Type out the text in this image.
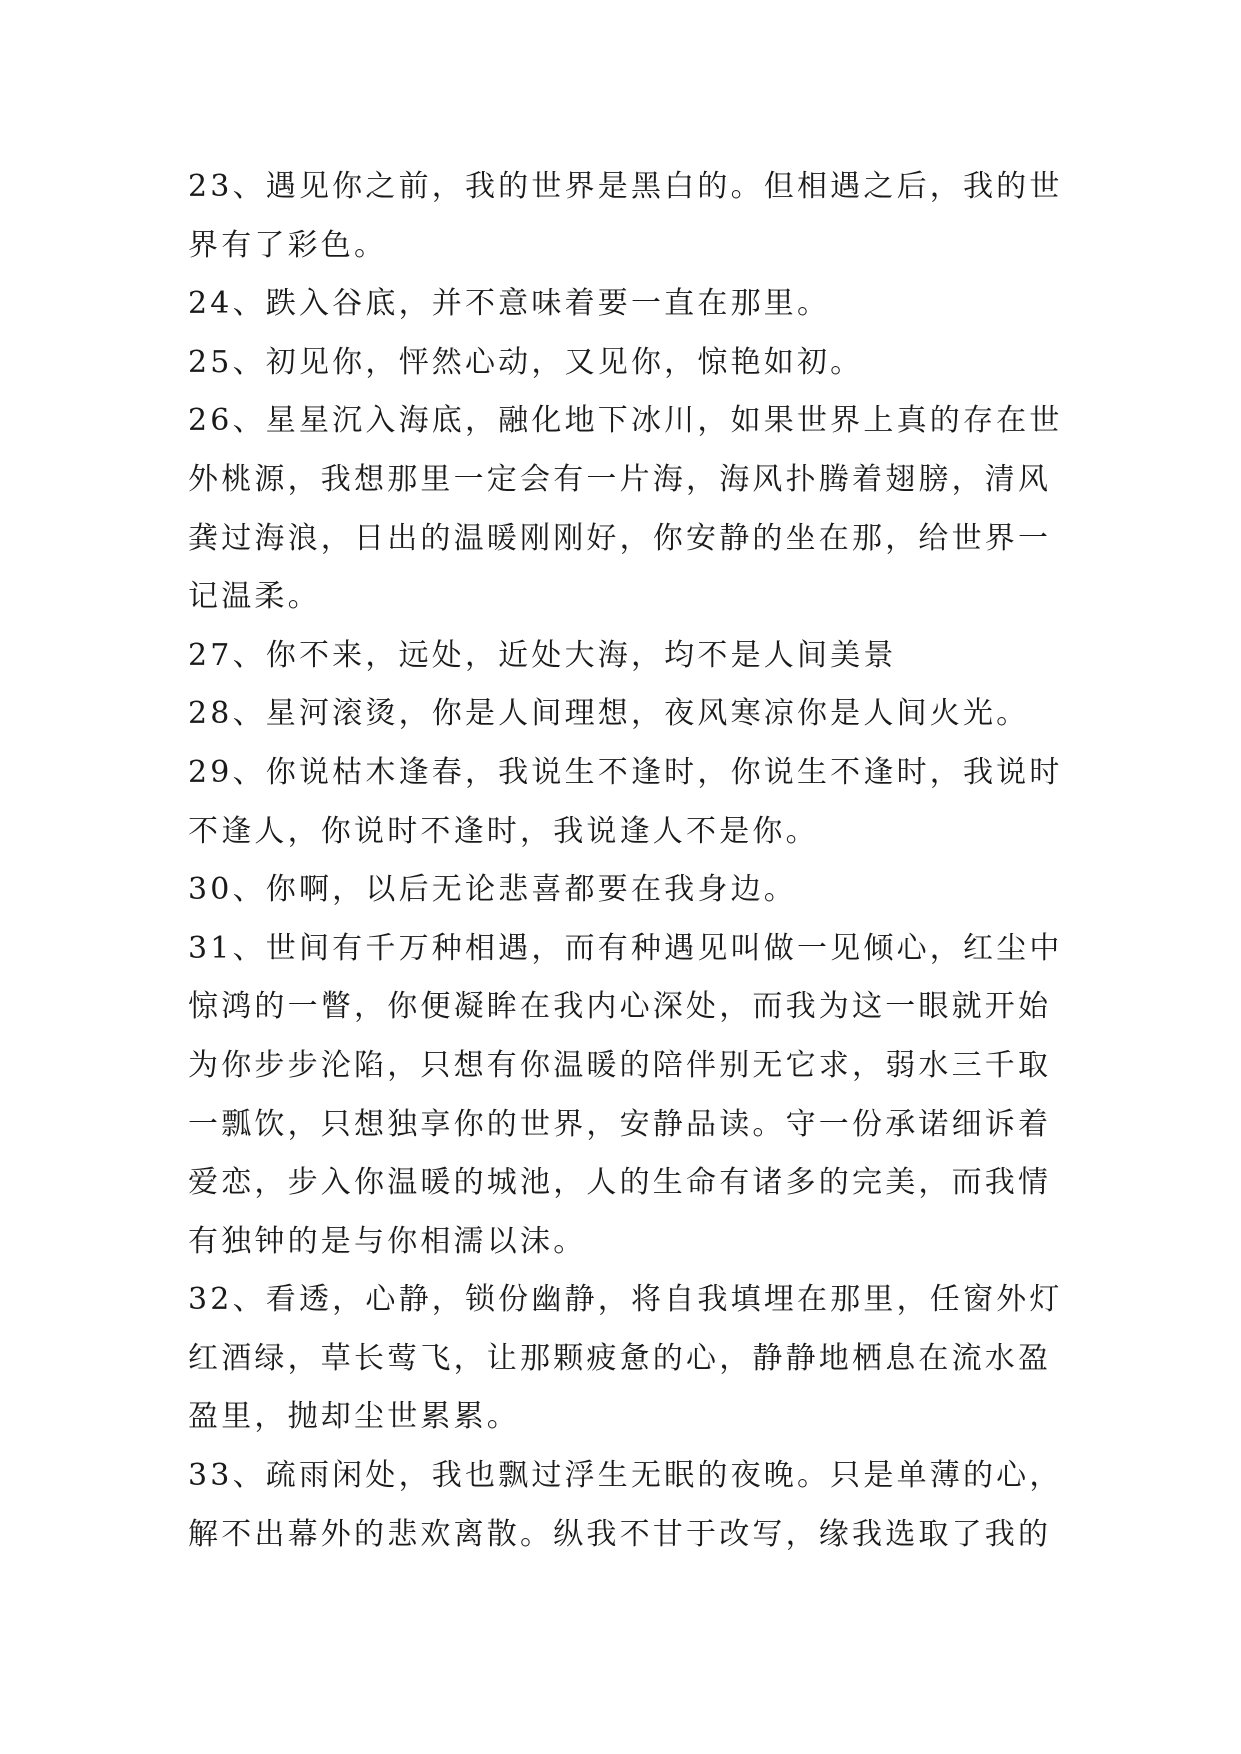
23、遇见你之前，我的世界是黑白的。但相遇之后，我的世
界有了彩色。
24、跌入谷底，并不意味着要一直在那里。
25、初见你，怦然心动，又见你，惊艳如初。
26、星星沉入海底，融化地下冰川，如果世界上真的存在世
外桃源，我想那里一定会有一片海，海风扑腾着翅膀，清风
龚过海浪，日出的温暖刚刚好，你安静的坐在那，给世界一
记温柔。
27、你不来，远处，近处大海，均不是人间美景
28、星河滚烫，你是人间理想，夜风寒凉你是人间火光。
29、你说枯木逢春，我说生不逢时，你说生不逢时，我说时
不逢人，你说时不逢时，我说逢人不是你。
30、你啊，以后无论悲喜都要在我身边。
31、世间有千万种相遇，而有种遇见叫做一见倾心，红尘中
惊鸿的一瞥，你便凝眸在我内心深处，而我为这一眼就开始
为你步步沦陷，只想有你温暖的陪伴别无它求，弱水三千取
一瓢饮，只想独享你的世界，安静品读。守一份承诺细诉着
爱恋，步入你温暖的城池，人的生命有诸多的完美，而我情
有独钟的是与你相濡以沫。
32、看透，心静，锁份幽静，将自我填埋在那里，任窗外灯
红酒绿，草长莺飞，让那颗疲惫的心，静静地栖息在流水盈
盈里，抛却尘世累累。
33、疏雨闲处，我也飘过浮生无眠的夜晚。只是单薄的心，
解不出幕外的悲欢离散。纵我不甘于改写，缘我选取了我的
